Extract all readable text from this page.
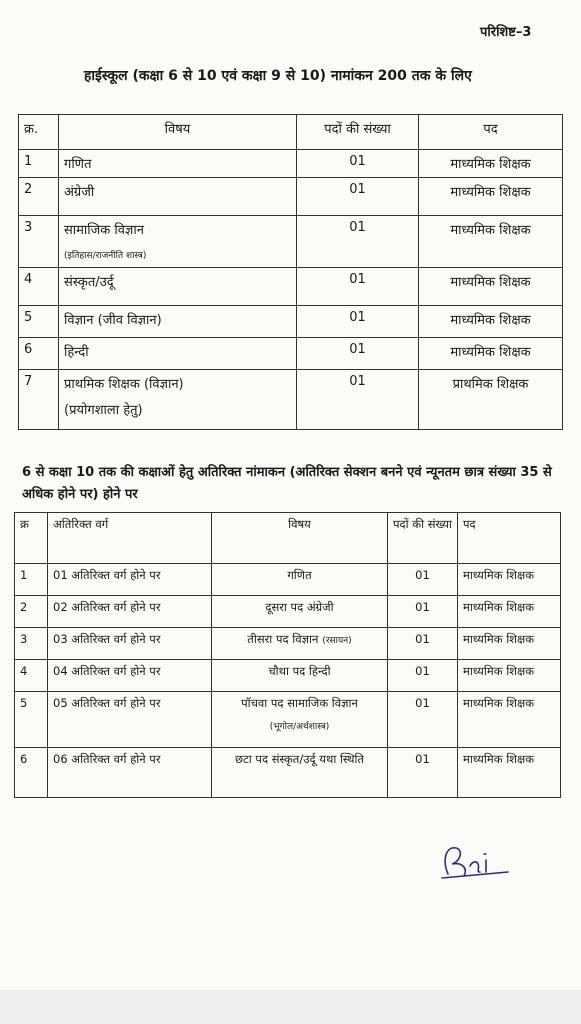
परिशिष्ट–3
हाईस्कूल (कक्षा 6 से 10 एवं कक्षा 9 से 10) नामांकन 200 तक के लिए
क्र.	विषय	पदों की संख्या	पद

1	गणित	01	माध्यमिक शिक्षक

2	अंग्रेजी	01	माध्यमिक शिक्षक

3	सामाजिक विज्ञान
(इतिहास/राजनीति शास्त्र)	01	माध्यमिक शिक्षक

4	संस्कृत/उर्दू	01	माध्यमिक शिक्षक

5	विज्ञान (जीव विज्ञान)	01	माध्यमिक शिक्षक

6	हिन्दी	01	माध्यमिक शिक्षक

7	प्राथमिक शिक्षक (विज्ञान)
(प्रयोगशाला हेतु)	01	प्राथमिक शिक्षक
6 से कक्षा 10 तक की कक्षाओं हेतु अतिरिक्त नांमाकन (अतिरिक्त सेक्शन बनने एवं न्यूनतम छात्र संख्या 35 से अधिक होने पर) होने पर
क्र	अतिरिक्त वर्ग	विषय	पदों की संख्या	पद

1	01 अतिरिक्त वर्ग होने पर	गणित	01	माध्यमिक शिक्षक

2	02 अतिरिक्त वर्ग होने पर	दूसरा पद अंग्रेजी	01	माध्यमिक शिक्षक

3	03 अतिरिक्त वर्ग होने पर	तीसरा पद विज्ञान (रसायन)	01	माध्यमिक शिक्षक

4	04 अतिरिक्त वर्ग होने पर	चौथा पद हिन्दी	01	माध्यमिक शिक्षक

5	05 अतिरिक्त वर्ग होने पर	पॉचवा पद सामाजिक विज्ञान
(भूगोल/अर्थशास्त्र)	01	माध्यमिक शिक्षक

6	06 अतिरिक्त वर्ग होने पर	छटा पद संस्कृत/उर्दू यथा स्थिति	01	माध्यमिक शिक्षक
